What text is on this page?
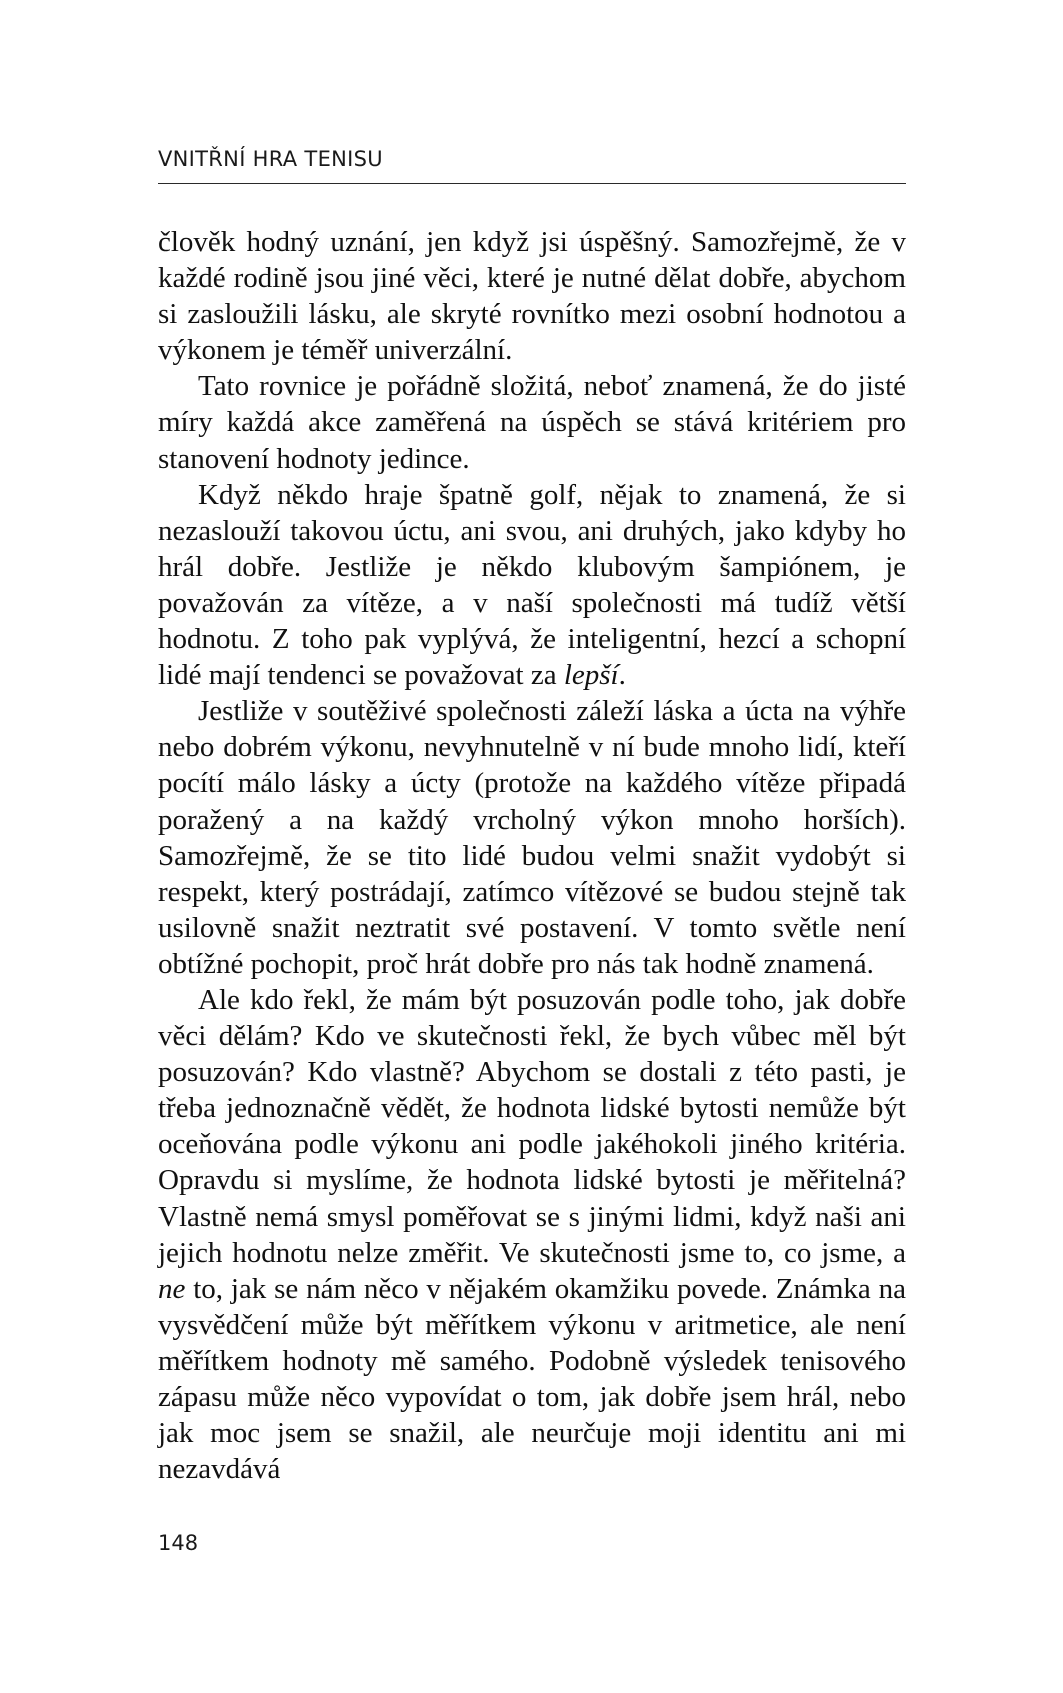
VNITŘNÍ HRA TENISU

člověk hodný uznání, jen když jsi úspěšný. Samozřejmě, že v každé rodině jsou jiné věci, které je nutné dělat dobře, abychom si zasloužili lásku, ale skryté rovnítko mezi osobní hodnotou a výkonem je téměř univerzální.

Tato rovnice je pořádně složitá, neboť znamená, že do jisté míry každá akce zaměřená na úspěch se stává kritériem pro stanovení hodnoty jedince.

Když někdo hraje špatně golf, nějak to znamená, že si nezaslouží takovou úctu, ani svou, ani druhých, jako kdyby ho hrál dobře. Jestliže je někdo klubovým šampiónem, je považován za vítěze, a v naší společnosti má tudíž větší hodnotu. Z toho pak vyplývá, že inteligentní, hezcí a schopní lidé mají tendenci se považovat za lepší.

Jestliže v soutěživé společnosti záleží láska a úcta na výhře nebo dobrém výkonu, nevyhnutelně v ní bude mnoho lidí, kteří pocítí málo lásky a úcty (protože na každého vítěze připadá poražený a na každý vrcholný výkon mnoho horších). Samozřejmě, že se tito lidé budou velmi snažit vydobýt si respekt, který postrádají, zatímco vítězové se budou stejně tak usilovně snažit neztratit své postavení. V tomto světle není obtížné pochopit, proč hrát dobře pro nás tak hodně znamená.

Ale kdo řekl, že mám být posuzován podle toho, jak dobře věci dělám? Kdo ve skutečnosti řekl, že bych vůbec měl být posuzován? Kdo vlastně? Abychom se dostali z této pasti, je třeba jednoznačně vědět, že hodnota lidské bytosti nemůže být oceňována podle výkonu ani podle jakéhokoli jiného kritéria. Opravdu si myslíme, že hodnota lidské bytosti je měřitelná? Vlastně nemá smysl poměřovat se s jinými lidmi, když naši ani jejich hodnotu nelze změřit. Ve skutečnosti jsme to, co jsme, a ne to, jak se nám něco v nějakém okamžiku povede. Známka na vysvědčení může být měřítkem výkonu v aritmetice, ale není měřítkem hodnoty mě samého. Podobně výsledek tenisového zápasu může něco vypovídat o tom, jak dobře jsem hrál, nebo jak moc jsem se snažil, ale neurčuje moji identitu ani mi nezavdává

148
